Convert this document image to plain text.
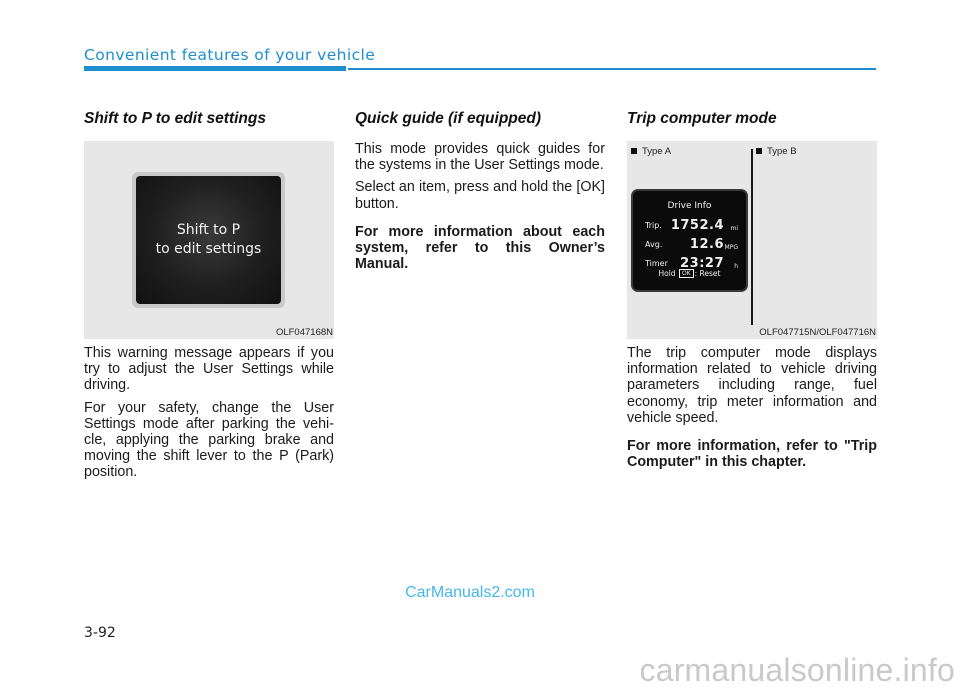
Convenient features of your vehicle
Shift to P to edit settings
Shift to P
to edit settings
OLF047168N

This warning message appears if you try to adjust the User Settings while driving.

For your safety, change the User Settings mode after parking the vehi-cle, applying the parking brake and moving the shift lever to the P (Park) position.

Quick guide (if equipped)

This mode provides quick guides for the systems in the User Settings mode.

Select an item, press and hold the [OK] button.

For more information about each system, refer to this Owner’s Manual.

Trip computer mode
Type A	Type B
Drive Info
Trip. 1752.4	mi
Avg. 12.6 MPG
Timer 23:27	h
Hold OK : Reset
OLF047715N/OLF047716N

The trip computer mode displays information related to vehicle driving parameters including range, fuel economy, trip meter information and vehicle speed.

For more information, refer to "Trip Computer" in this chapter.

CarManuals2.com
3-92
carmanualsonline.info
